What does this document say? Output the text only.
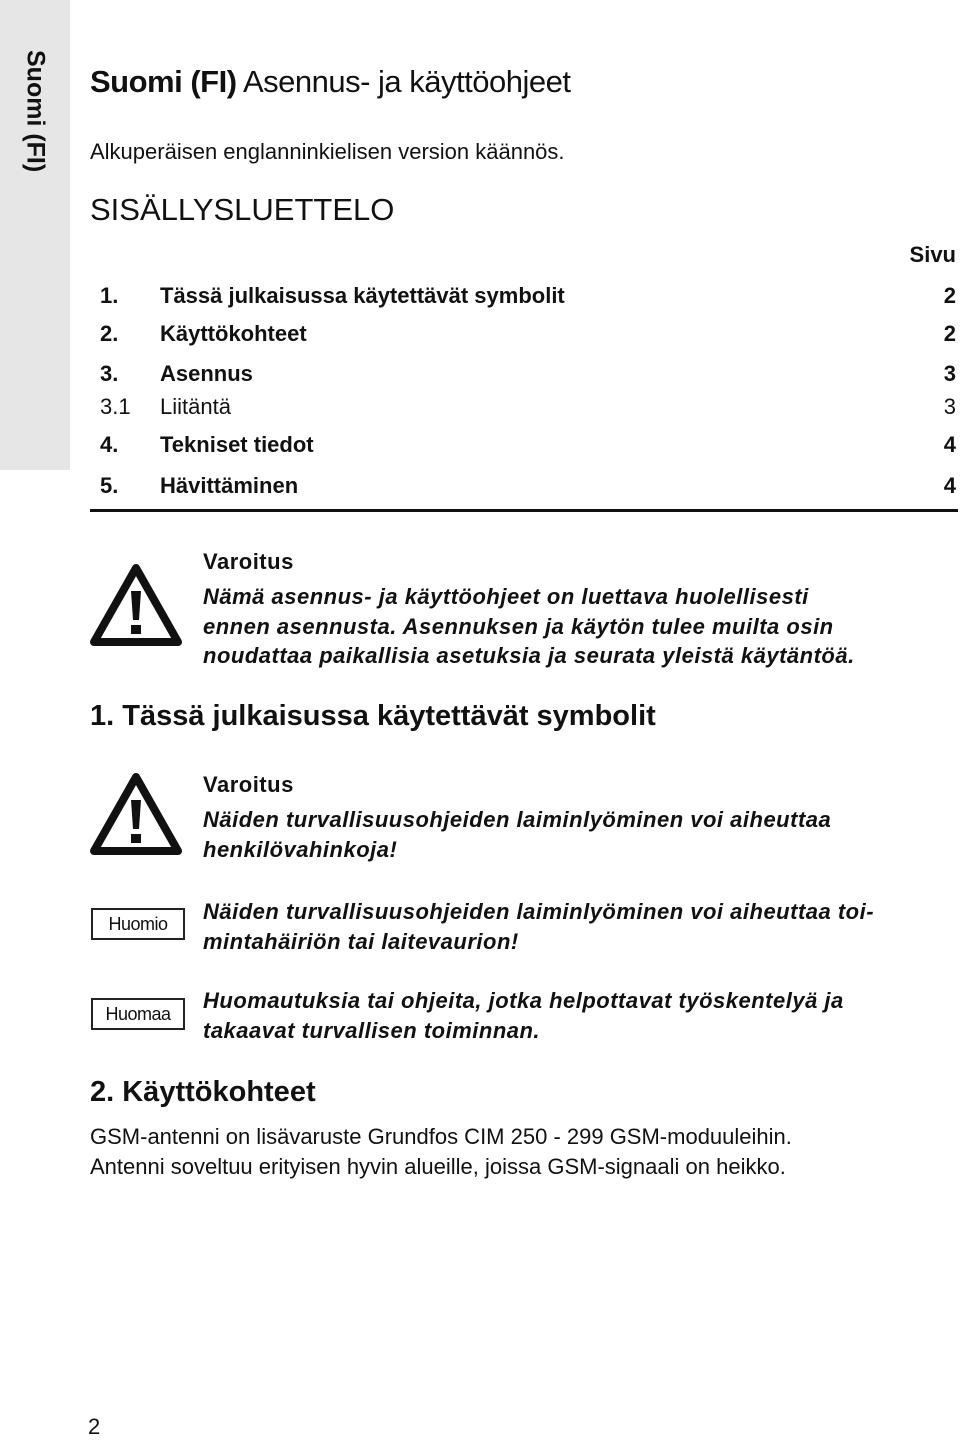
Suomi (FI) Suomi (FI) Asennus- ja käyttöohjeet
Alkuperäisen englanninkielisen version käännös.
SISÄLLYSLUETTELO
Sivu
1. Tässä julkaisussa käytettävät symbolit	2
2. Käyttökohteet	2
3. Asennus	3
3.1 Liitäntä	3
4. Tekniset tiedot	4
5. Hävittäminen	4
Varoitus
Nämä asennus- ja käyttöohjeet on luettava huolellisesti
ennen asennusta. Asennuksen ja käytön tulee muilta osin
noudattaa paikallisia asetuksia ja seurata yleistä käytäntöä.
1. Tässä julkaisussa käytettävät symbolit
Varoitus
Näiden turvallisuusohjeiden laiminlyöminen voi aiheuttaa
henkilövahinkoja!
Huomio	Näiden turvallisuusohjeiden laiminlyöminen voi aiheuttaa toi-
mintahäiriön tai laitevaurion!
Huomaa
Huomautuksia tai ohjeita, jotka helpottavat työskentelyä ja
takaavat turvallisen toiminnan.
2. Käyttökohteet
GSM-antenni on lisävaruste Grundfos CIM 250 - 299 GSM-moduuleihin.
Antenni soveltuu erityisen hyvin alueille, joissa GSM-signaali on heikko.
2
